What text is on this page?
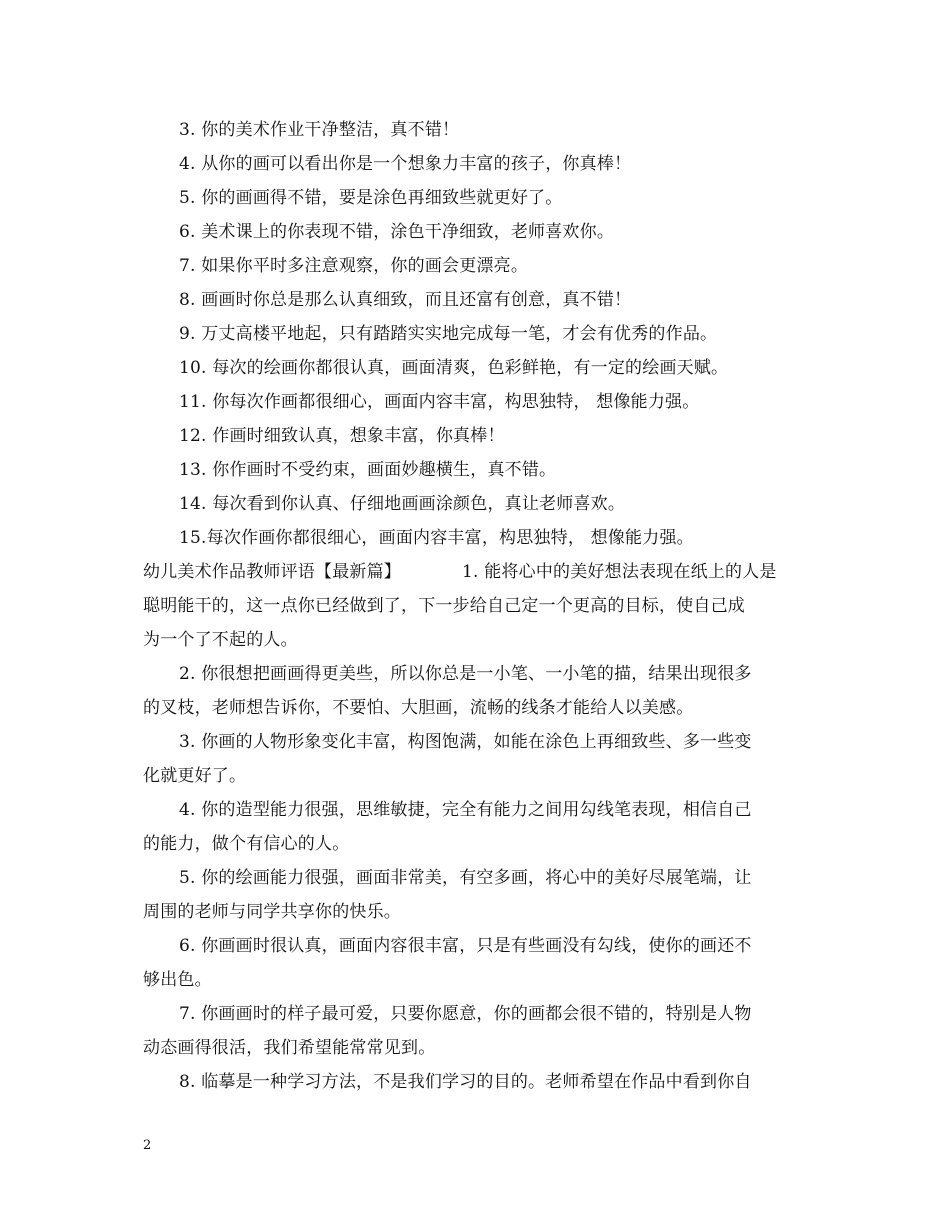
3. 你的美术作业干净整洁，真不错！
4. 从你的画可以看出你是一个想象力丰富的孩子，你真棒！
5. 你的画画得不错，要是涂色再细致些就更好了。
6. 美术课上的你表现不错，涂色干净细致，老师喜欢你。
7. 如果你平时多注意观察，你的画会更漂亮。
8. 画画时你总是那么认真细致，而且还富有创意，真不错！
9. 万丈高楼平地起，只有踏踏实实地完成每一笔，才会有优秀的作品。
10. 每次的绘画你都很认真，画面清爽，色彩鲜艳，有一定的绘画天赋。
11. 你每次作画都很细心，画面内容丰富，构思独特， 想像能力强。
12. 作画时细致认真，想象丰富，你真棒！
13. 你作画时不受约束，画面妙趣横生，真不错。
14. 每次看到你认真、仔细地画画涂颜色，真让老师喜欢。
15.每次作画你都很细心，画面内容丰富，构思独特， 想像能力强。
幼儿美术作品教师评语【最新篇】	1. 能将心中的美好想法表现在纸上的人是
聪明能干的，这一点你已经做到了，下一步给自己定一个更高的目标，使自己成
为一个了不起的人。
2. 你很想把画画得更美些，所以你总是一小笔、一小笔的描，结果出现很多
的叉枝，老师想告诉你，不要怕、大胆画，流畅的线条才能给人以美感。
3. 你画的人物形象变化丰富，构图饱满，如能在涂色上再细致些、多一些变
化就更好了。
4. 你的造型能力很强，思维敏捷，完全有能力之间用勾线笔表现，相信自己
的能力，做个有信心的人。
5. 你的绘画能力很强，画面非常美，有空多画，将心中的美好尽展笔端，让
周围的老师与同学共享你的快乐。
6. 你画画时很认真，画面内容很丰富，只是有些画没有勾线，使你的画还不
够出色。
7. 你画画时的样子最可爱，只要你愿意，你的画都会很不错的，特别是人物
动态画得很活，我们希望能常常见到。
8. 临摹是一种学习方法，不是我们学习的目的。老师希望在作品中看到你自
2
